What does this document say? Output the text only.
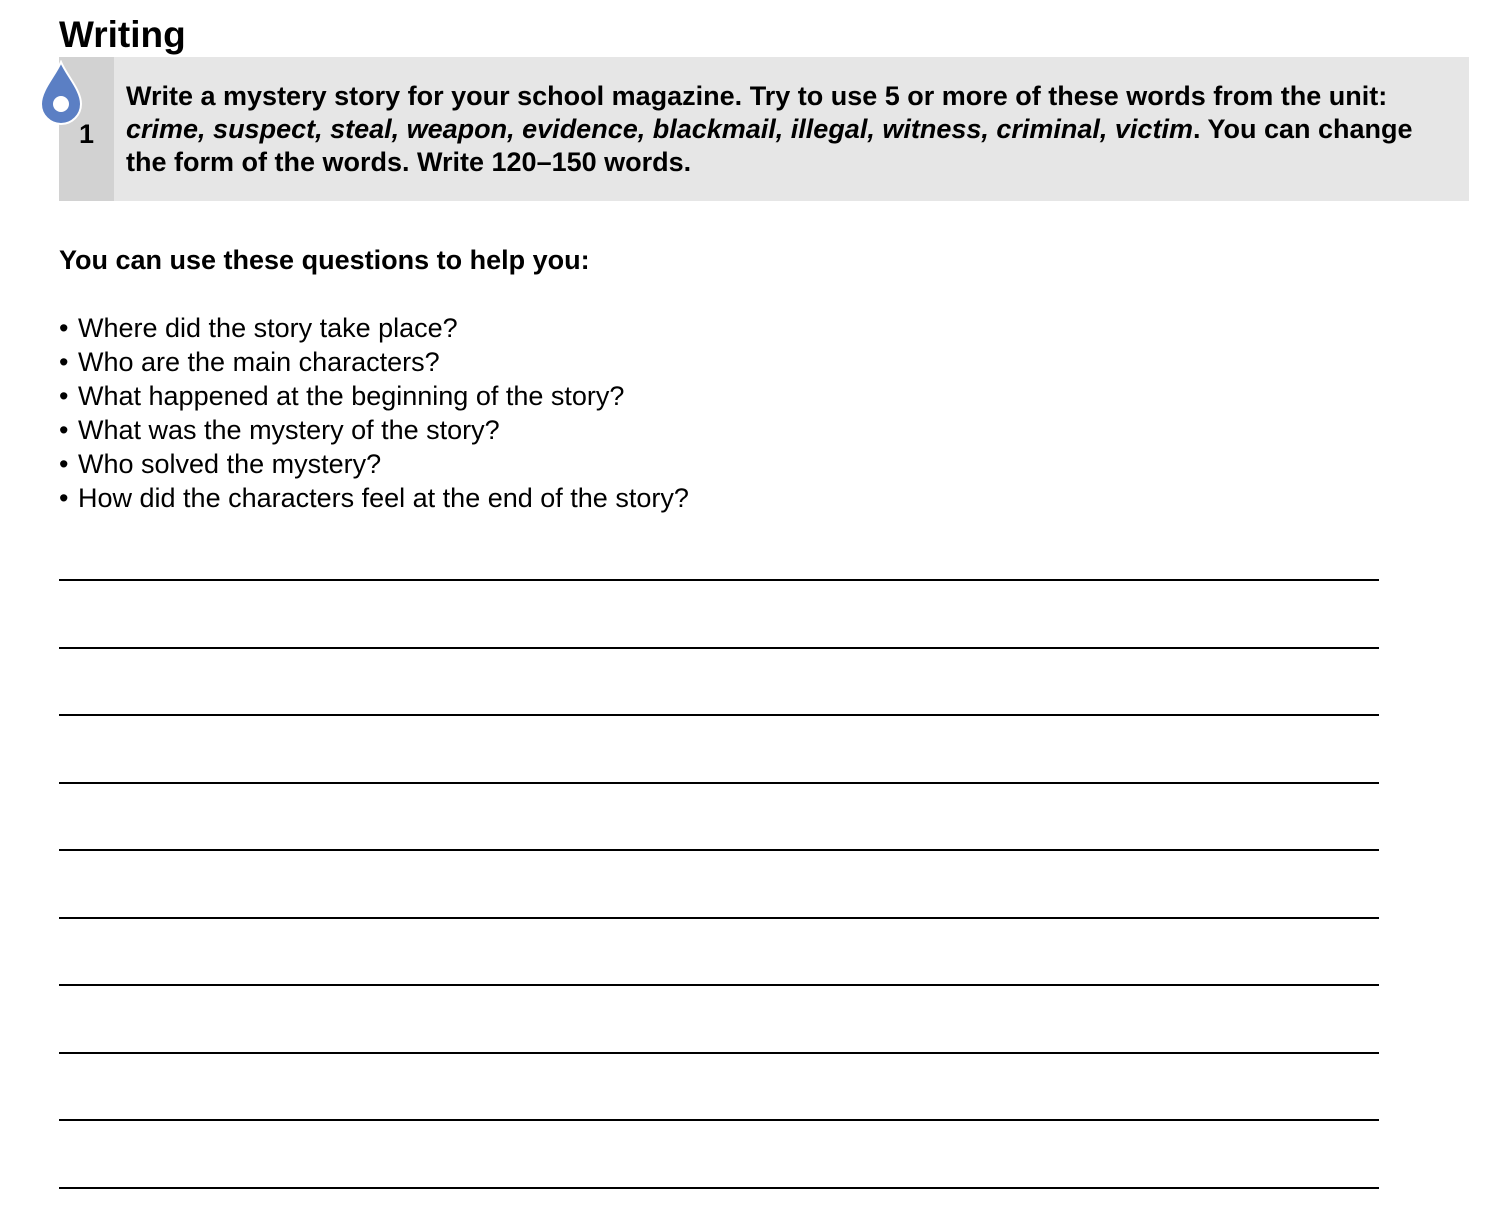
Writing
1

Write a mystery story for your school magazine. Try to use 5 or more of these words from the unit: crime, suspect, steal, weapon, evidence, blackmail, illegal, witness, criminal, victim. You can change the form of the words. Write 120–150 words.

You can use these questions to help you:

• Where did the story take place?
• Who are the main characters?
• What happened at the beginning of the story?
• What was the mystery of the story?
• Who solved the mystery?
• How did the characters feel at the end of the story?
